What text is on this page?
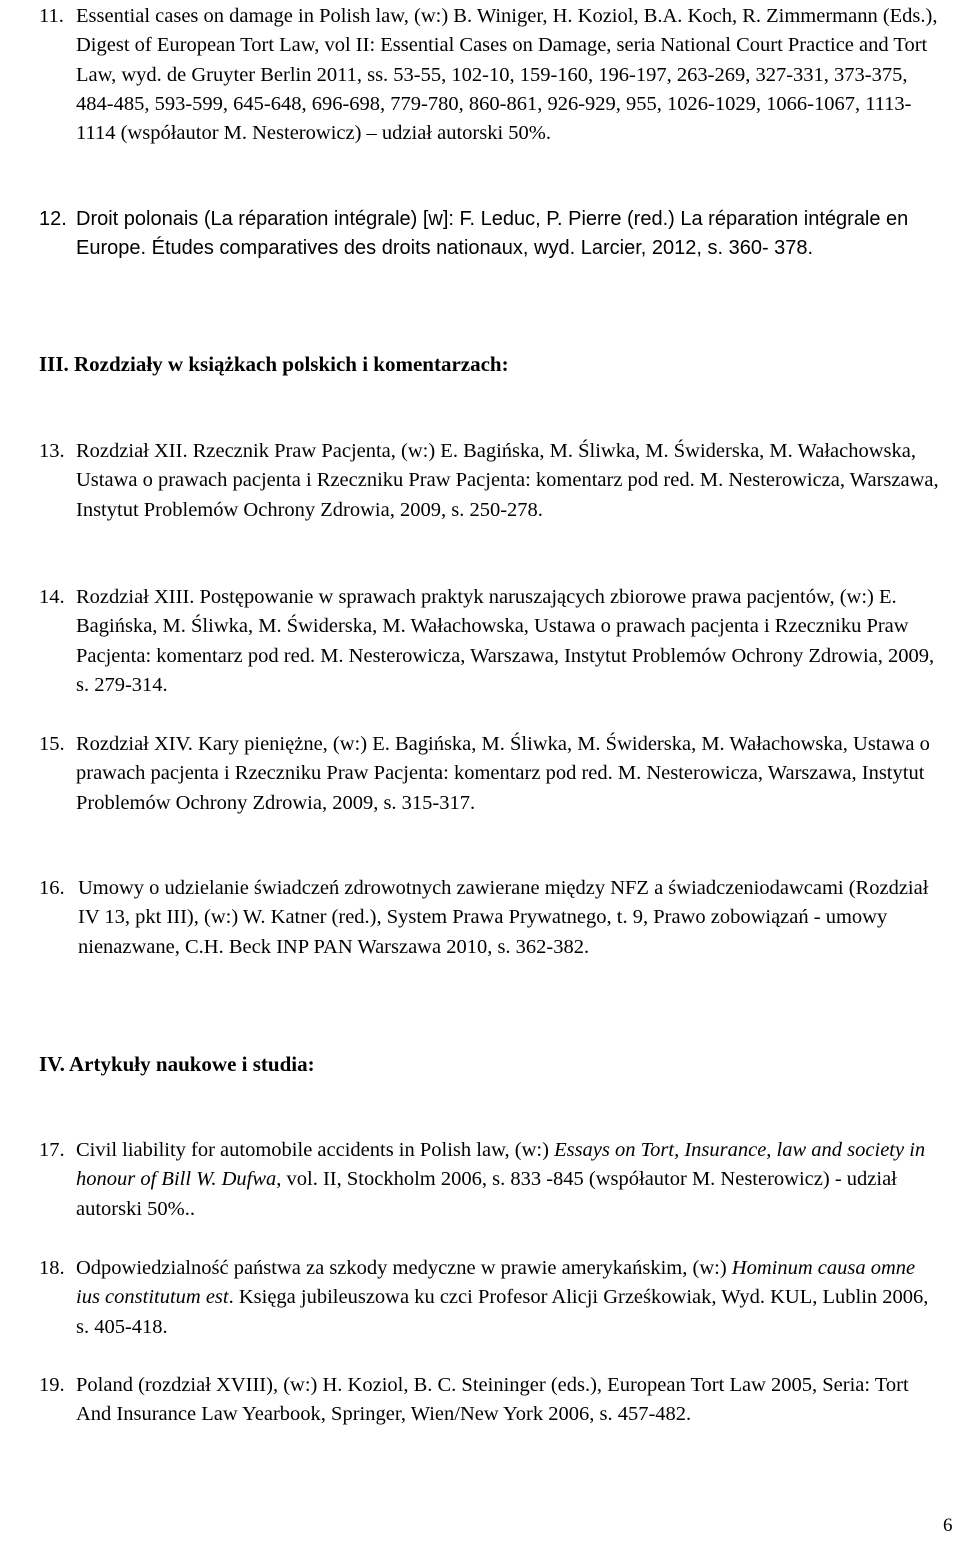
11. Essential cases on damage in Polish law, (w:) B. Winiger, H. Koziol, B.A. Koch, R. Zimmermann (Eds.), Digest of European Tort Law, vol II: Essential Cases on Damage, seria National Court Practice and Tort Law, wyd. de Gruyter Berlin 2011, ss. 53-55, 102-10, 159-160, 196-197, 263-269, 327-331, 373-375, 484-485, 593-599, 645-648, 696-698, 779-780, 860-861, 926-929, 955, 1026-1029, 1066-1067, 1113-1114 (współautor M. Nesterowicz) – udział autorski 50%.
12. Droit polonais (La réparation intégrale) [w]: F. Leduc, P. Pierre (red.) La réparation intégrale en Europe. Études comparatives des droits nationaux, wyd. Larcier, 2012, s. 360- 378.
III. Rozdziały w książkach polskich i komentarzach:
13. Rozdział XII. Rzecznik Praw Pacjenta, (w:) E. Bagińska, M. Śliwka, M. Świderska, M. Wałachowska, Ustawa o prawach pacjenta i Rzeczniku Praw Pacjenta: komentarz pod red. M. Nesterowicza, Warszawa, Instytut Problemów Ochrony Zdrowia, 2009, s. 250-278.
14. Rozdział XIII. Postępowanie w sprawach praktyk naruszających zbiorowe prawa pacjentów, (w:) E. Bagińska, M. Śliwka, M. Świderska, M. Wałachowska, Ustawa o prawach pacjenta i Rzeczniku Praw Pacjenta: komentarz pod red. M. Nesterowicza, Warszawa, Instytut Problemów Ochrony Zdrowia, 2009, s. 279-314.
15. Rozdział XIV. Kary pieniężne, (w:) E. Bagińska, M. Śliwka, M. Świderska, M. Wałachowska, Ustawa o prawach pacjenta i Rzeczniku Praw Pacjenta: komentarz pod red. M. Nesterowicza, Warszawa, Instytut Problemów Ochrony Zdrowia, 2009, s. 315-317.
16. Umowy o udzielanie świadczeń zdrowotnych zawierane między NFZ a świadczeniodawcami (Rozdział IV 13, pkt III), (w:) W. Katner (red.), System Prawa Prywatnego, t. 9, Prawo zobowiązań - umowy nienazwane, C.H. Beck INP PAN Warszawa 2010, s. 362-382.
IV. Artykuły naukowe i studia:
17. Civil liability for automobile accidents in Polish law, (w:) Essays on Tort, Insurance, law and society in honour of Bill W. Dufwa, vol. II, Stockholm 2006, s. 833 -845 (współautor M. Nesterowicz) - udział autorski 50%..
18. Odpowiedzialność państwa za szkody medyczne w prawie amerykańskim, (w:) Hominum causa omne ius constitutum est. Księga jubileuszowa ku czci Profesor Alicji Grześkowiak, Wyd. KUL, Lublin 2006, s. 405-418.
19. Poland (rozdział XVIII), (w:) H. Koziol, B. C. Steininger (eds.), European Tort Law 2005, Seria: Tort And Insurance Law Yearbook, Springer, Wien/New York 2006, s. 457-482.
6
